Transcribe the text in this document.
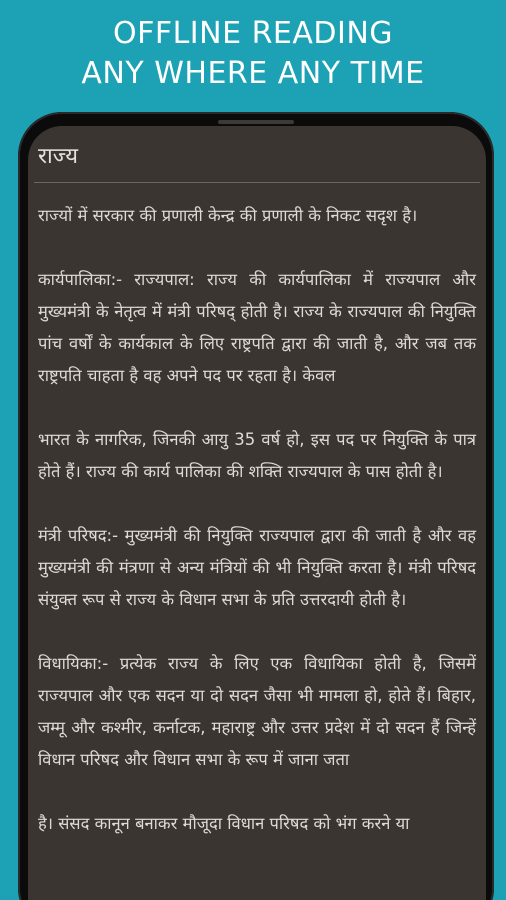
OFFLINE READING
ANY WHERE ANY TIME
राज्य

राज्यों में सरकार की प्रणाली केन्द्र की प्रणाली के निकट सदृश है।

कार्यपालिका:- राज्यपाल: राज्य की कार्यपालिका में राज्यपाल और मुख्यमंत्री के नेतृत्व में मंत्री परिषद् होती है। राज्य के राज्यपाल की नियुक्ति पांच वर्षों के कार्यकाल के लिए राष्ट्रपति द्वारा की जाती है, और जब तक राष्ट्रपति चाहता है वह अपने पद पर रहता है। केवल

भारत के नागरिक, जिनकी आयु 35 वर्ष हो, इस पद पर नियुक्ति के पात्र होते हैं। राज्य की कार्य पालिका की शक्ति राज्यपाल के पास होती है।

मंत्री परिषद:- मुख्यमंत्री की नियुक्ति राज्यपाल द्वारा की जाती है और वह मुख्यमंत्री की मंत्रणा से अन्य मंत्रियों की भी नियुक्ति करता है। मंत्री परिषद संयुक्त रूप से राज्य के विधान सभा के प्रति उत्तरदायी होती है।

विधायिका:- प्रत्येक राज्य के लिए एक विधायिका होती है, जिसमें राज्यपाल और एक सदन या दो सदन जैसा भी मामला हो, होते हैं। बिहार, जम्मू और कश्मीर, कर्नाटक, महाराष्ट्र और उत्तर प्रदेश में दो सदन हैं जिन्हें विधान परिषद और विधान सभा के रूप में जाना जता

है। संसद कानून बनाकर मौजूदा विधान परिषद को भंग करने या
